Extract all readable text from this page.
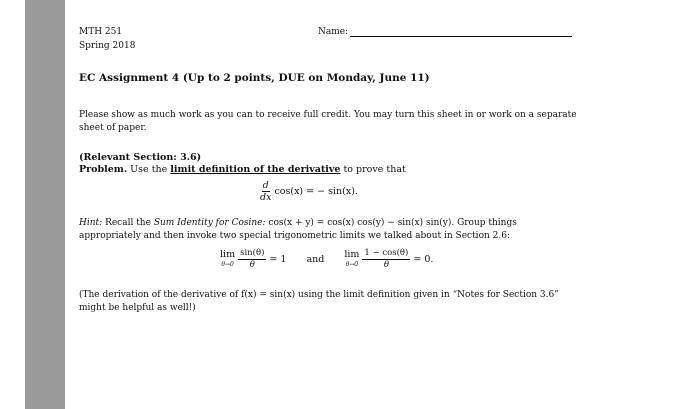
MTH 251
Spring 2018
Name:
EC Assignment 4 (Up to 2 points, DUE on Monday, June 11)
Please show as much work as you can to receive full credit. You may turn this sheet in or work on a separate sheet of paper.
(Relevant Section: 3.6)
Problem. Use the limit definition of the derivative to prove that
$\frac{d}{dx} \cos(x)$ = − sin(x).
Hint: Recall the Sum Identity for Cosine: cos(x + y) = cos(x) cos(y) − sin(x) sin(y). Group things appropriately and then invoke two special trigonometric limits we talked about in Section 2.6:
lim
$\theta\to 0 \frac{\sin(\theta)}{\theta} = 1$ and lim
$\theta\to 0 \frac{1 - \cos(\theta)}{\theta} = 0$.
(The derivation of the derivative of f(x) = sin(x) using the limit definition given in “Notes for Section 3.6” might be helpful as well!)
